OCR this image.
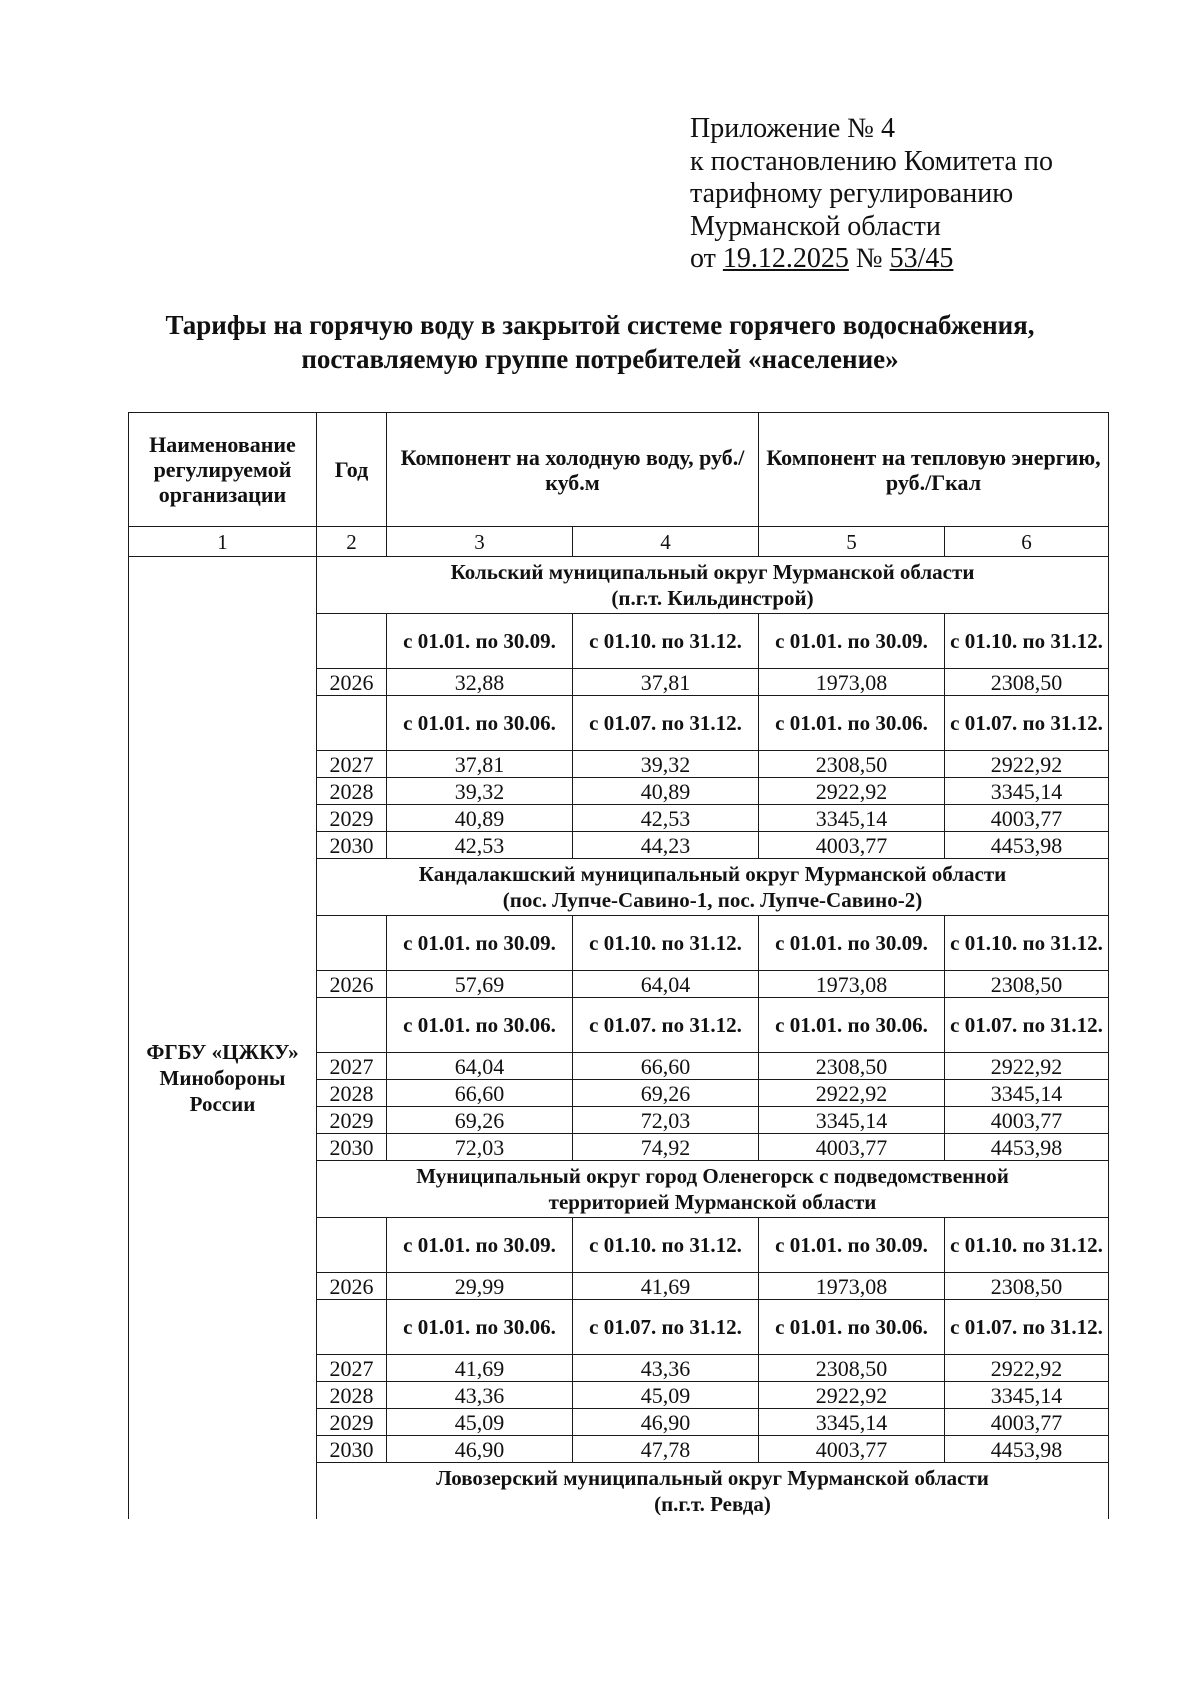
Приложение № 4
к постановлению Комитета по
тарифному регулированию
Мурманской области
от 19.12.2025 № 53/45
Тарифы на горячую воду в закрытой системе горячего водоснабжения,
поставляемую группе потребителей «население»
Наименование регулируемой организации	Год	Компонент на холодную воду, руб./куб.м		Компонент на тепловую энергию, руб./Гкал	
1	2	3	4	5	6

ФГБУ «ЦЖКУ» Минобороны России	Кольский муниципальный округ Мурманской области
(п.г.т. Кильдинстрой)				

		с 01.01. по 30.09.	с 01.10. по 31.12.	с 01.01. по 30.09.	с 01.10. по 31.12.
	2026	32,88	37,81	1973,08	2308,50
		с 01.01. по 30.06.	с 01.07. по 31.12.	с 01.01. по 30.06.	с 01.07. по 31.12.
	2027	37,81	39,32	2308,50	2922,92
	2028	39,32	40,89	2922,92	3345,14
	2029	40,89	42,53	3345,14	4003,77
	2030	42,53	44,23	4003,77	4453,98

	Кандалакшский муниципальный округ Мурманской области
(пос. Лупче-Савино-1, пос. Лупче-Савино-2)				

		с 01.01. по 30.09.	с 01.10. по 31.12.	с 01.01. по 30.09.	с 01.10. по 31.12.
	2026	57,69	64,04	1973,08	2308,50
		с 01.01. по 30.06.	с 01.07. по 31.12.	с 01.01. по 30.06.	с 01.07. по 31.12.
	2027	64,04	66,60	2308,50	2922,92
	2028	66,60	69,26	2922,92	3345,14
	2029	69,26	72,03	3345,14	4003,77
	2030	72,03	74,92	4003,77	4453,98

	Муниципальный округ город Оленегорск с подведомственной
территорией Мурманской области				

		с 01.01. по 30.09.	с 01.10. по 31.12.	с 01.01. по 30.09.	с 01.10. по 31.12.
	2026	29,99	41,69	1973,08	2308,50
		с 01.01. по 30.06.	с 01.07. по 31.12.	с 01.01. по 30.06.	с 01.07. по 31.12.
	2027	41,69	43,36	2308,50	2922,92
	2028	43,36	45,09	2922,92	3345,14
	2029	45,09	46,90	3345,14	4003,77
	2030	46,90	47,78	4003,77	4453,98

	Ловозерский муниципальный округ Мурманской области
(п.г.т. Ревда)				
